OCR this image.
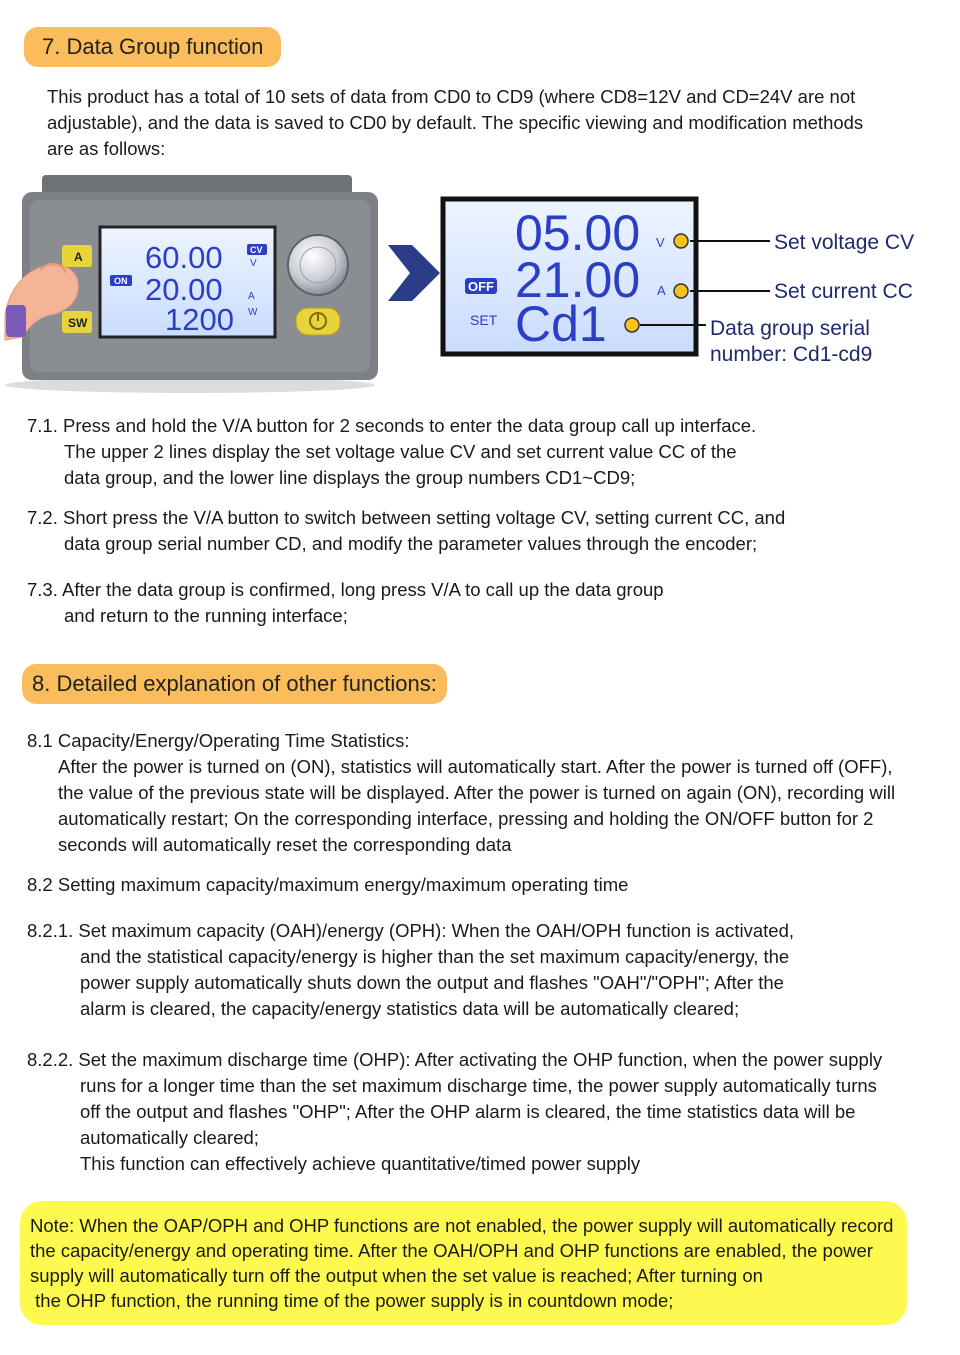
7. Data Group function

This product has a total of 10 sets of data from CD0 to CD9 (where CD8=12V and CD=24V are not
adjustable), and the data is saved to CD0 by default. The specific viewing and modification methods
are as follows:

60.00
20.00
1200
CV
V
A
W
ON
A
SW
05.00
21.00
Cd1
V
A
OFF
SET
Set voltage CV
Set current CC
Data group serial
number: Cd1-cd9

7.1. Press and hold the V/A button for 2 seconds to enter the data group call up interface.
The upper 2 lines display the set voltage value CV and set current value CC of the
data group, and the lower line displays the group numbers CD1~CD9;

7.2. Short press the V/A button to switch between setting voltage CV, setting current CC, and
data group serial number CD, and modify the parameter values through the encoder;

7.3. After the data group is confirmed, long press V/A to call up the data group
and return to the running interface;

8. Detailed explanation of other functions:

8.1 Capacity/Energy/Operating Time Statistics:
After the power is turned on (ON), statistics will automatically start. After the power is turned off (OFF),
the value of the previous state will be displayed. After the power is turned on again (ON), recording will
automatically restart; On the corresponding interface, pressing and holding the ON/OFF button for 2
seconds will automatically reset the corresponding data

8.2 Setting maximum capacity/maximum energy/maximum operating time

8.2.1. Set maximum capacity (OAH)/energy (OPH): When the OAH/OPH function is activated,
and the statistical capacity/energy is higher than the set maximum capacity/energy, the
power supply automatically shuts down the output and flashes "OAH"/"OPH"; After the
alarm is cleared, the capacity/energy statistics data will be automatically cleared;

8.2.2. Set the maximum discharge time (OHP): After activating the OHP function, when the power supply
runs for a longer time than the set maximum discharge time, the power supply automatically turns
off the output and flashes "OHP"; After the OHP alarm is cleared, the time statistics data will be
automatically cleared;
This function can effectively achieve quantitative/timed power supply

Note: When the OAP/OPH and OHP functions are not enabled, the power supply will automatically record the capacity/energy and operating time. After the OAH/OPH and OHP functions are enabled, the power supply will automatically turn off the output when the set value is reached; After turning on  the OHP function, the running time of the power supply is in countdown mode;
